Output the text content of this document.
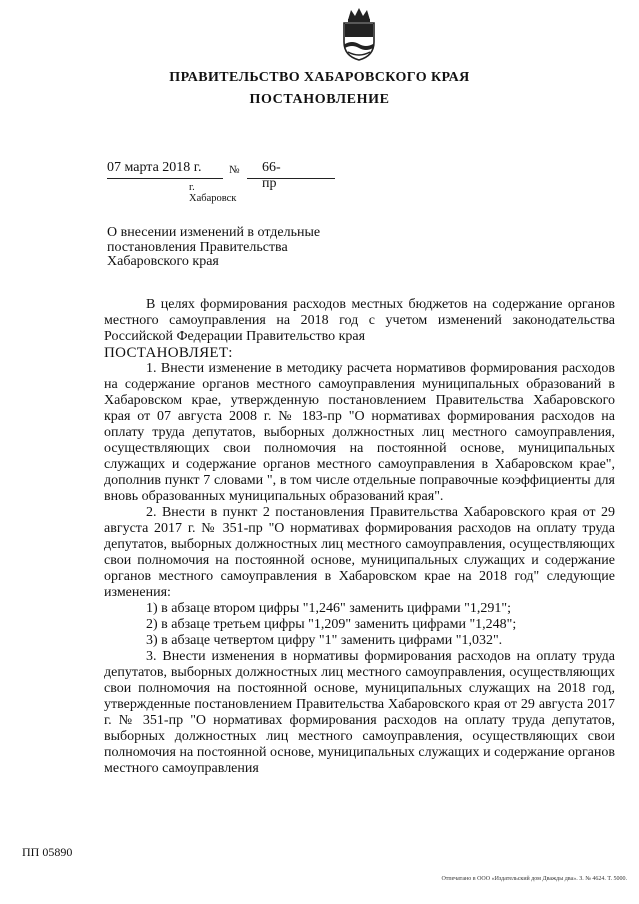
ПРАВИТЕЛЬСТВО ХАБАРОВСКОГО КРАЯ
ПОСТАНОВЛЕНИЕ
07 марта 2018 г.	№ 66-пр
г. Хабаровск
О внесении изменений в отдельные постановления Правительства Хабаровского края

В целях формирования расходов местных бюджетов на содержание органов местного самоуправления на 2018 год с учетом изменений законодательства Российской Федерации Правительство края

ПОСТАНОВЛЯЕТ:

1. Внести изменение в методику расчета нормативов формирования расходов на содержание органов местного самоуправления муниципальных образований в Хабаровском крае, утвержденную постановлением Правительства Хабаровского края от 07 августа 2008 г. № 183-пр "О нормативах формирования расходов на оплату труда депутатов, выборных должностных лиц местного самоуправления, осуществляющих свои полномочия на постоянной основе, муниципальных служащих и содержание органов местного самоуправления в Хабаровском крае", дополнив пункт 7 словами ", в том числе отдельные поправочные коэффициенты для вновь образованных муниципальных образований края".

2. Внести в пункт 2 постановления Правительства Хабаровского края от 29 августа 2017 г. № 351-пр "О нормативах формирования расходов на оплату труда депутатов, выборных должностных лиц местного самоуправления, осуществляющих свои полномочия на постоянной основе, муниципальных служащих и содержание органов местного самоуправления в Хабаровском крае на 2018 год" следующие изменения:

1) в абзаце втором цифры "1,246" заменить цифрами "1,291";

2) в абзаце третьем цифры "1,209" заменить цифрами "1,248";

3) в абзаце четвертом цифру "1" заменить цифрами "1,032".

3. Внести изменения в нормативы формирования расходов на оплату труда депутатов, выборных должностных лиц местного самоуправления, осуществляющих свои полномочия на постоянной основе, муниципальных служащих на 2018 год, утвержденные постановлением Правительства Хабаровского края от 29 августа 2017 г. № 351-пр "О нормативах формирования расходов на оплату труда депутатов, выборных должностных лиц местного самоуправления, осуществляющих свои полномочия на постоянной основе, муниципальных служащих и содержание органов местного самоуправления

ПП 05890
Отпечатано в ООО «Издательский дом Дважды два». З. № 4624. Т. 5000.
